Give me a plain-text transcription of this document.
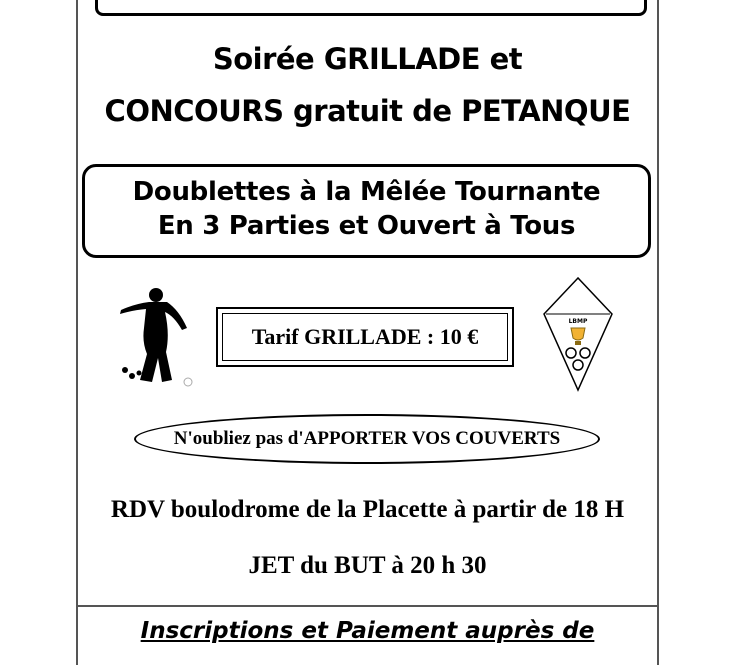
Soirée GRILLADE et
CONCOURS gratuit de PETANQUE
Doublettes à la Mêlée Tournante
En 3 Parties et Ouvert à Tous
Tarif GRILLADE : 10 €
LBMP
N'oubliez pas d'APPORTER VOS COUVERTS
RDV boulodrome de la Placette à partir de 18 H
JET du BUT à 20 h 30
Inscriptions et Paiement auprès de
